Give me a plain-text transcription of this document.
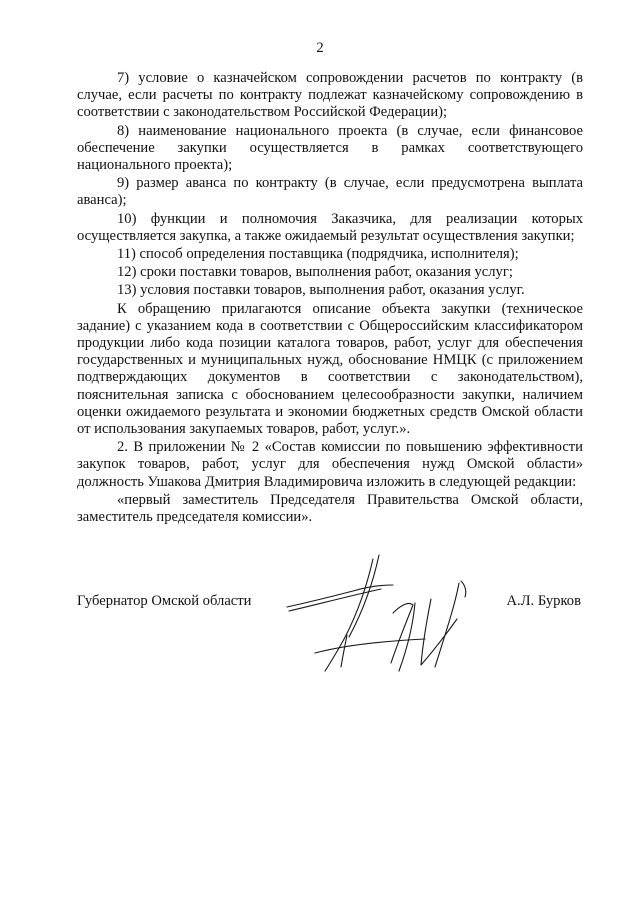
2

7) условие о казначейском сопровождении расчетов по контракту (в случае, если расчеты по контракту подлежат казначейскому сопровождению в соответствии с законодательством Российской Федерации);

8) наименование национального проекта (в случае, если финансовое обеспечение закупки осуществляется в рамках соответствующего национального проекта);

9) размер аванса по контракту (в случае, если предусмотрена выплата аванса);

10) функции и полномочия Заказчика, для реализации которых осуществляется закупка, а также ожидаемый результат осуществления закупки;

11) способ определения поставщика (подрядчика, исполнителя);

12) сроки поставки товаров, выполнения работ, оказания услуг;

13) условия поставки товаров, выполнения работ, оказания услуг.

К обращению прилагаются описание объекта закупки (техническое задание) с указанием кода в соответствии с Общероссийским классификатором продукции либо кода позиции каталога товаров, работ, услуг для обеспечения государственных и муниципальных нужд, обоснование НМЦК (с приложением подтверждающих документов в соответствии с законодательством), пояснительная записка с обоснованием целесообразности закупки, наличием оценки ожидаемого результата и экономии бюджетных средств Омской области от использования закупаемых товаров, работ, услуг.».

2. В приложении № 2 «Состав комиссии по повышению эффективности закупок товаров, работ, услуг для обеспечения нужд Омской области» должность Ушакова Дмитрия Владимировича изложить в следующей редакции:

«первый заместитель Председателя Правительства Омской области, заместитель председателя комиссии».

Губернатор Омской области	А.Л. Бурков
